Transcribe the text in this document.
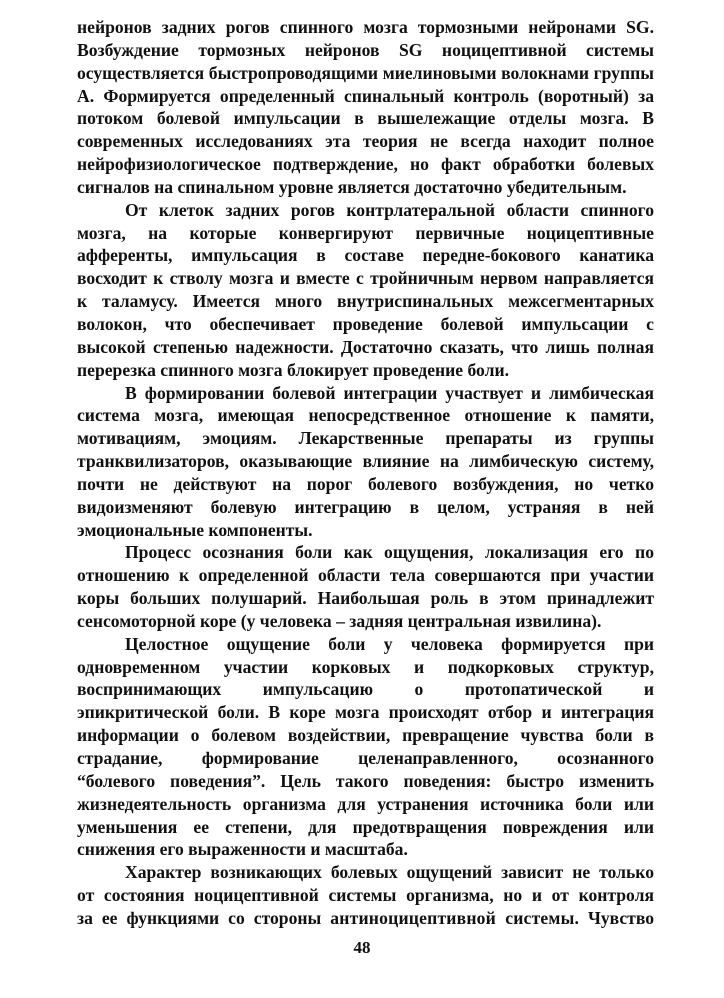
нейронов задних рогов спинного мозга тормозными нейронами SG.
Возбуждение тормозных нейронов SG ноцицептивной системы
осуществляется быстропроводящими миелиновыми волокнами группы
А. Формируется определенный спинальный контроль (воротный) за
потоком болевой импульсации в вышележащие отделы мозга. В
современных исследованиях эта теория не всегда находит полное
нейрофизиологическое подтверждение, но факт обработки болевых
сигналов на спинальном уровне является достаточно убедительным.
От клеток задних рогов контрлатеральной области спинного
мозга, на которые конвергируют первичные ноцицептивные
афференты, импульсация в составе передне-бокового канатика
восходит к стволу мозга и вместе с тройничным нервом направляется
к таламусу. Имеется много внутриспинальных межсегментарных
волокон, что обеспечивает проведение болевой импульсации с
высокой степенью надежности. Достаточно сказать, что лишь полная
перерезка спинного мозга блокирует проведение боли.
В формировании болевой интеграции участвует и лимбическая
система мозга, имеющая непосредственное отношение к памяти,
мотивациям, эмоциям. Лекарственные препараты из группы
транквилизаторов, оказывающие влияние на лимбическую систему,
почти не действуют на порог болевого возбуждения, но четко
видоизменяют болевую интеграцию в целом, устраняя в ней
эмоциональные компоненты.
Процесс осознания боли как ощущения, локализация его по
отношению к определенной области тела совершаются при участии
коры больших полушарий. Наибольшая роль в этом принадлежит
сенсомоторной коре (у человека – задняя центральная извилина).
Целостное ощущение боли у человека формируется при
одновременном участии корковых и подкорковых структур,
воспринимающих импульсацию о протопатической и
эпикритической боли. В коре мозга происходят отбор и интеграция
информации о болевом воздействии, превращение чувства боли в
страдание, формирование целенаправленного, осознанного
“болевого поведения”. Цель такого поведения: быстро изменить
жизнедеятельность организма для устранения источника боли или
уменьшения ее степени, для предотвращения повреждения или
снижения его выраженности и масштаба.
Характер возникающих болевых ощущений зависит не только
от состояния ноцицептивной системы организма, но и от контроля
за ее функциями со стороны антиноцицептивной системы. Чувство
48
